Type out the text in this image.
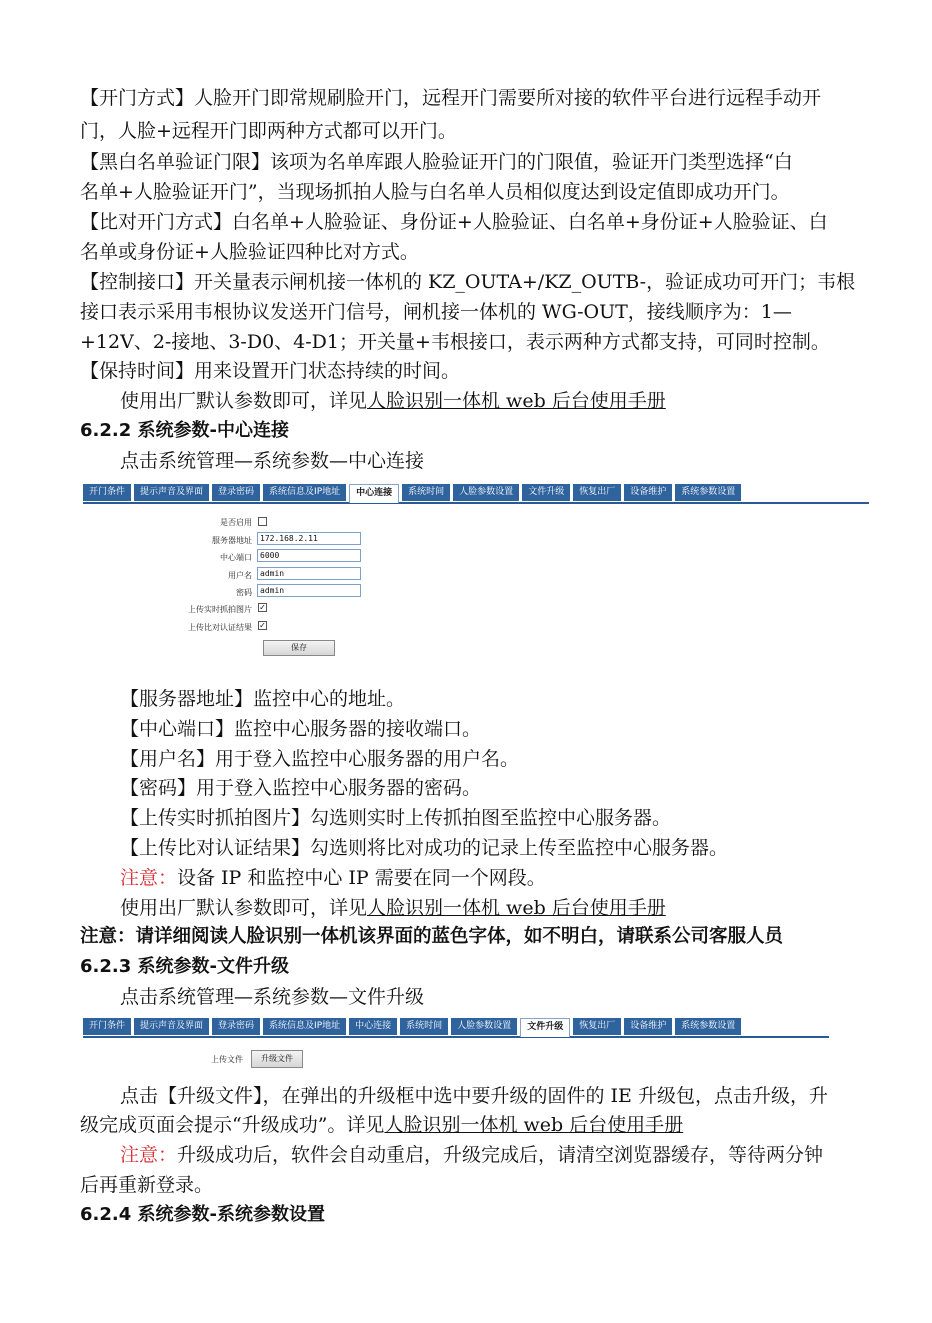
【开门方式】人脸开门即常规刷脸开门，远程开门需要所对接的软件平台进行远程手动开
门，人脸+远程开门即两种方式都可以开门。
【黑白名单验证门限】该项为名单库跟人脸验证开门的门限值，验证开门类型选择“白
名单+人脸验证开门”，当现场抓拍人脸与白名单人员相似度达到设定值即成功开门。
【比对开门方式】白名单+人脸验证、身份证+人脸验证、白名单+身份证+人脸验证、白
名单或身份证+人脸验证四种比对方式。
【控制接口】开关量表示闸机接一体机的 KZ_OUTA+/KZ_OUTB-，验证成功可开门；韦根
接口表示采用韦根协议发送开门信号，闸机接一体机的 WG-OUT，接线顺序为：1—
+12V、2-接地、3-D0、4-D1；开关量+韦根接口，表示两种方式都支持，可同时控制。
【保持时间】用来设置开门状态持续的时间。
使用出厂默认参数即可，详见人脸识别一体机 web 后台使用手册
6.2.2 系统参数-中心连接
点击系统管理—系统参数—中心连接
开门条件	提示声音及界面	登录密码	系统信息及IP地址	中心连接	系统时间	人脸参数设置	文件升级	恢复出厂	设备维护	系统参数设置
是否启用
服务器地址	172.168.2.11
中心端口	6000
用户名	admin
密码	admin
上传实时抓拍图片 ✓
上传比对认证结果 ✓
保存
【服务器地址】监控中心的地址。
【中心端口】监控中心服务器的接收端口。
【用户名】用于登入监控中心服务器的用户名。
【密码】用于登入监控中心服务器的密码。
【上传实时抓拍图片】勾选则实时上传抓拍图至监控中心服务器。
【上传比对认证结果】勾选则将比对成功的记录上传至监控中心服务器。
注意：设备 IP 和监控中心 IP 需要在同一个网段。
使用出厂默认参数即可，详见人脸识别一体机 web 后台使用手册
注意：请详细阅读人脸识别一体机该界面的蓝色字体，如不明白，请联系公司客服人员
6.2.3 系统参数-文件升级
点击系统管理—系统参数—文件升级
开门条件	提示声音及界面	登录密码	系统信息及IP地址	中心连接	系统时间	人脸参数设置	文件升级	恢复出厂	设备维护	系统参数设置
上传文件	升级文件
点击【升级文件】，在弹出的升级框中选中要升级的固件的 IE 升级包，点击升级，升
级完成页面会提示“升级成功”。详见人脸识别一体机 web 后台使用手册
注意：升级成功后，软件会自动重启，升级完成后，请清空浏览器缓存，等待两分钟
后再重新登录。
6.2.4 系统参数-系统参数设置
